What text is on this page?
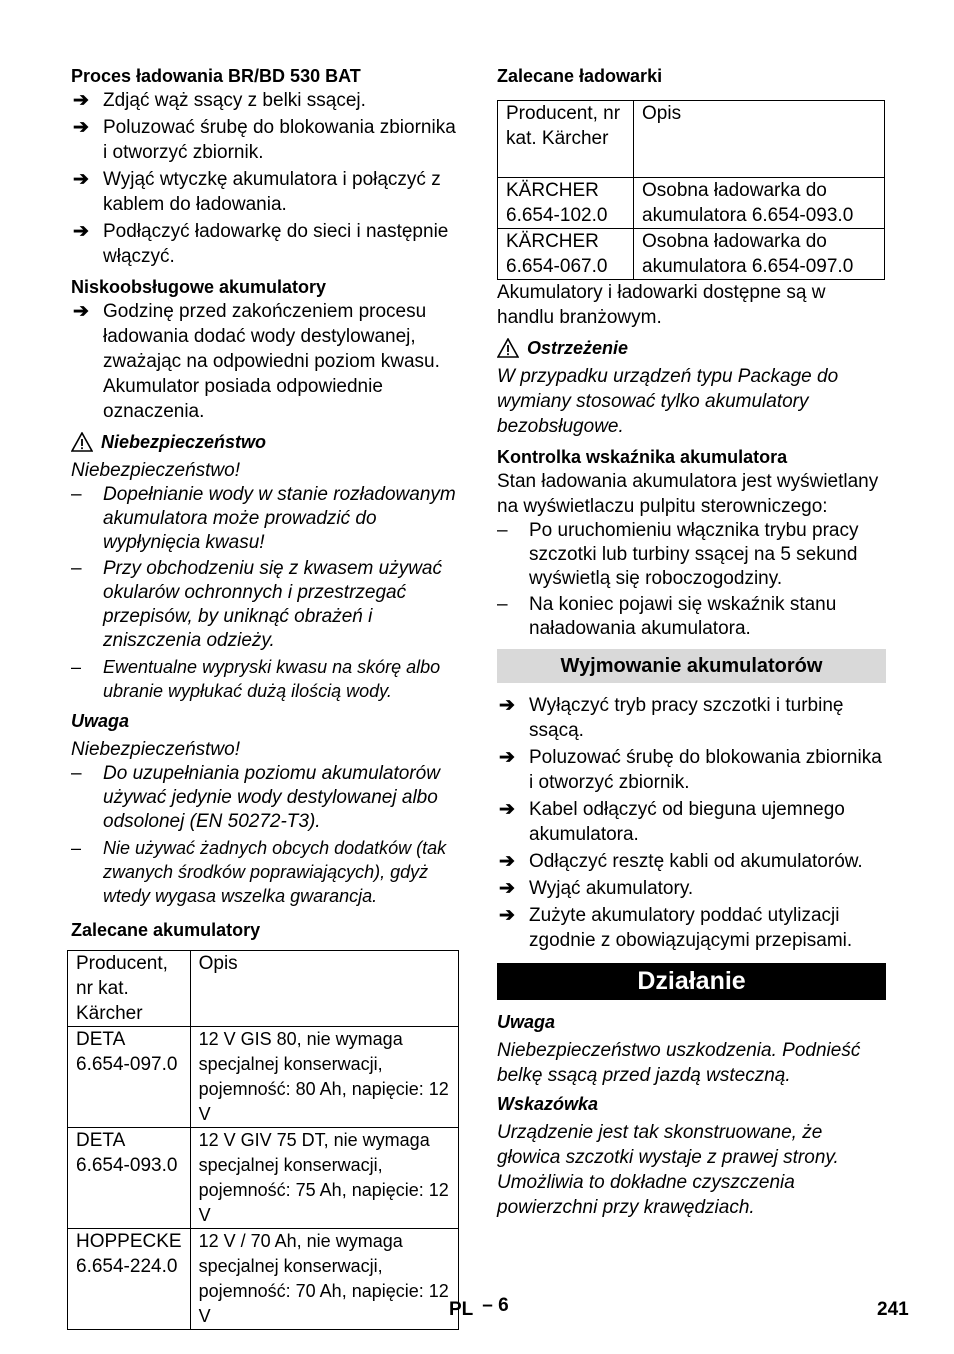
Proces ładowania BR/BD 530 BAT

➔ Zdjąć wąż ssący z belki ssącej.
➔ Poluzować śrubę do blokowania zbiornika i otworzyć zbiornik.
➔ Wyjąć wtyczkę akumulatora i połączyć z kablem do ładowania.
➔ Podłączyć ładowarkę do sieci i następnie włączyć.

Niskoobsługowe akumulatory

➔ Godzinę przed zakończeniem procesu ładowania dodać wody destylowanej, zważając na odpowiedni poziom kwasu. Akumulator posiada odpowiednie oznaczenia.
Niebezpieczeństwo

Niebezpieczeństwo!

– Dopełnianie wody w stanie rozładowanym akumulatora może prowadzić do wypłynięcia kwasu!
– Przy obchodzeniu się z kwasem używać okularów ochronnych i przestrzegać przepisów, by uniknąć obrażeń i zniszczenia odzieży.
– Ewentualne wypryski kwasu na skórę albo ubranie wypłukać dużą ilością wody.

Uwaga

Niebezpieczeństwo!

– Do uzupełniania poziomu akumulatorów używać jedynie wody destylowanej albo odsolonej (EN 50272-T3).
– Nie używać żadnych obcych dodatków (tak zwanych środków poprawiających), gdyż wtedy wygasa wszelka gwarancja.

Zalecane akumulatory

Producent, nr kat. Kärcher	Opis
DETA 6.654-097.0	12 V GIS 80, nie wymaga specjalnej konserwacji, pojemność: 80 Ah, napięcie: 12 V
DETA 6.654-093.0	12 V GIV 75 DT, nie wymaga specjalnej konserwacji, pojemność: 75 Ah, napięcie: 12 V
HOPPECKE 6.654-224.0	12 V / 70 Ah, nie wymaga specjalnej konserwacji, pojemność: 70 Ah, napięcie: 12 V

Zalecane ładowarki

Producent, nr kat. Kärcher	Opis
KÄRCHER 6.654-102.0	Osobna ładowarka do akumulatora 6.654-093.0
KÄRCHER 6.654-067.0	Osobna ładowarka do akumulatora 6.654-097.0

Akumulatory i ładowarki dostępne są w handlu branżowym.

Ostrzeżenie

W przypadku urządzeń typu Package do wymiany stosować tylko akumulatory bezobsługowe.

Kontrolka wskaźnika akumulatora

Stan ładowania akumulatora jest wyświetlany na wyświetlaczu pulpitu sterowniczego:

– Po uruchomieniu włącznika trybu pracy szczotki lub turbiny ssącej na 5 sekund wyświetlą się roboczogodziny.
– Na koniec pojawi się wskaźnik stanu naładowania akumulatora.
Wyjmowanie akumulatorów
➔ Wyłączyć tryb pracy szczotki i turbinę ssącą.
➔ Poluzować śrubę do blokowania zbiornika i otworzyć zbiornik.
➔ Kabel odłączyć od bieguna ujemnego akumulatora.
➔ Odłączyć resztę kabli od akumulatorów.
➔ Wyjąć akumulatory.
➔ Zużyte akumulatory poddać utylizacji zgodnie z obowiązującymi przepisami.
Działanie

Uwaga

Niebezpieczeństwo uszkodzenia. Podnieść belkę ssącą przed jazdą wsteczną.

Wskazówka

Urządzenie jest tak skonstruowane, że głowica szczotki wystaje z prawej strony. Umożliwia to dokładne czyszczenia powierzchni przy krawędziach.

PL – 6	241
